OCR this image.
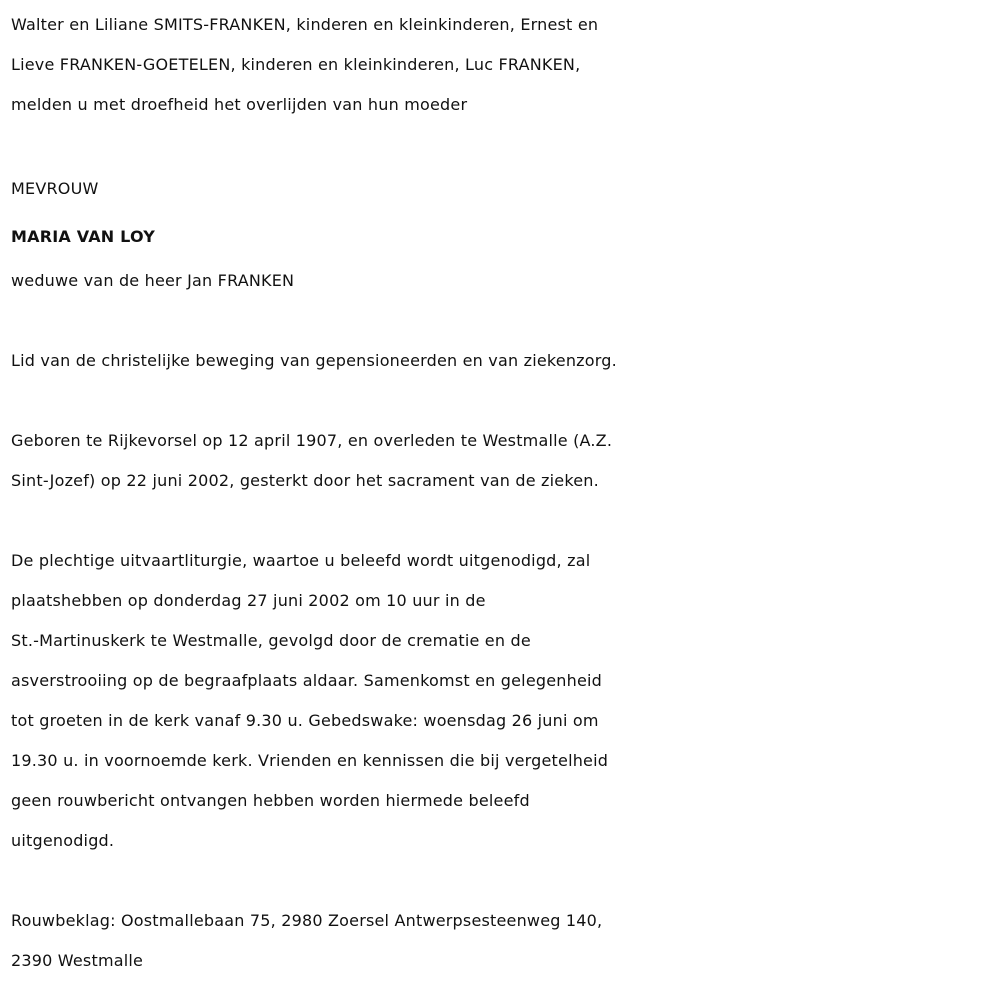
Walter en Liliane SMITS-FRANKEN, kinderen en kleinkinderen, Ernest en
Lieve FRANKEN-GOETELEN, kinderen en kleinkinderen, Luc FRANKEN,
melden u met droefheid het overlijden van hun moeder
MEVROUW
MARIA VAN LOY
weduwe van de heer Jan FRANKEN
Lid van de christelijke beweging van gepensioneerden en van ziekenzorg.
Geboren te Rijkevorsel op 12 april 1907, en overleden te Westmalle (A.Z.
Sint-Jozef) op 22 juni 2002, gesterkt door het sacrament van de zieken.
De plechtige uitvaartliturgie, waartoe u beleefd wordt uitgenodigd, zal
plaatshebben op donderdag 27 juni 2002 om 10 uur in de
St.-Martinuskerk te Westmalle, gevolgd door de crematie en de
asverstrooiing op de begraafplaats aldaar. Samenkomst en gelegenheid
tot groeten in de kerk vanaf 9.30 u. Gebedswake: woensdag 26 juni om
19.30 u. in voornoemde kerk. Vrienden en kennissen die bij vergetelheid
geen rouwbericht ontvangen hebben worden hiermede beleefd
uitgenodigd.
Rouwbeklag: Oostmallebaan 75, 2980 Zoersel Antwerpsesteenweg 140,
2390 Westmalle
